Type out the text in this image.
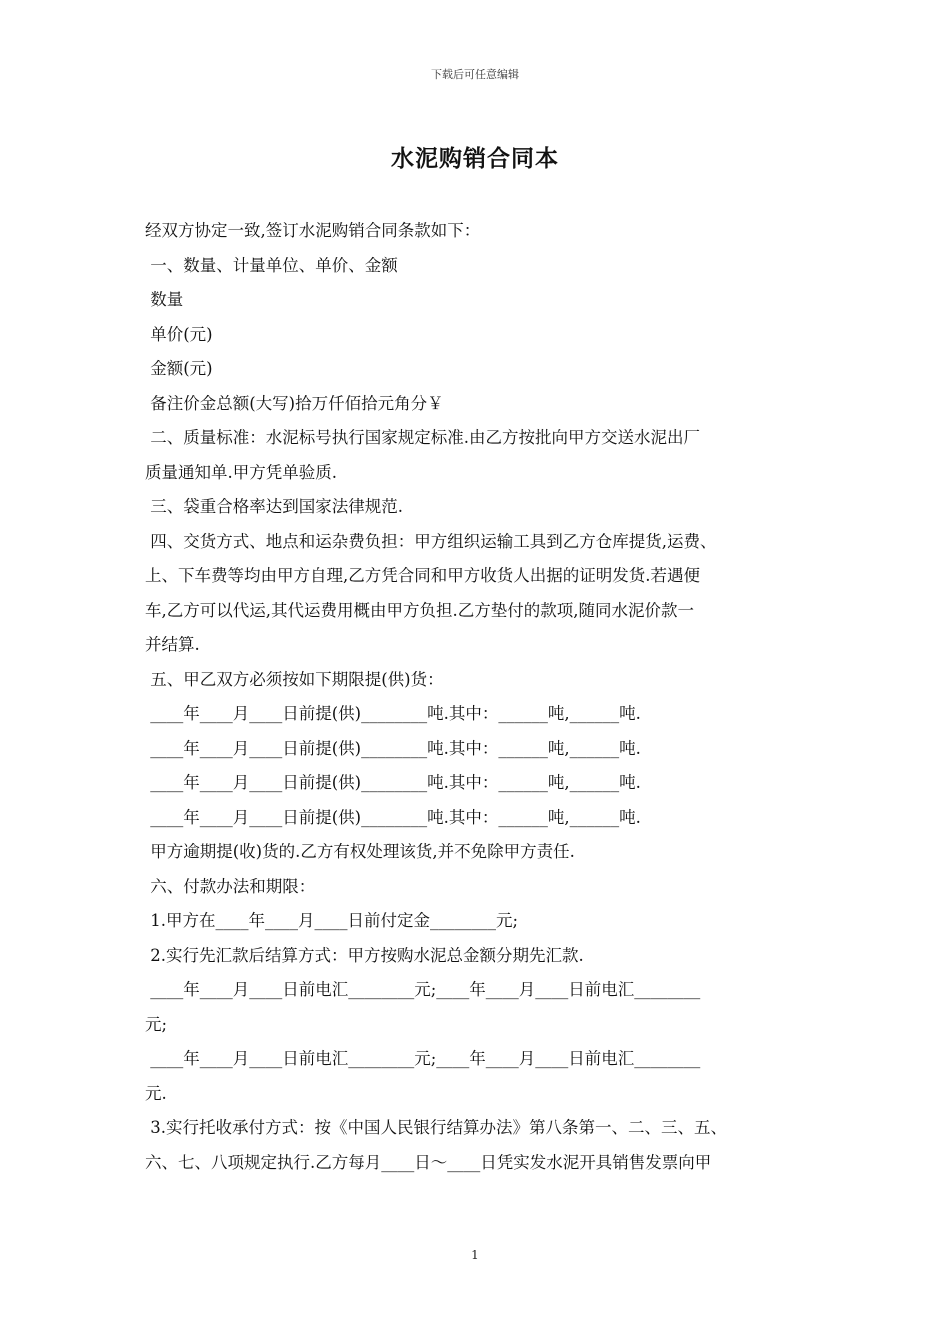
下载后可任意编辑
水泥购销合同本
经双方协定一致,签订水泥购销合同条款如下：
一、数量、计量单位、单价、金额
数量
单价(元)
金额(元)
备注价金总额(大写)拾万仟佰拾元角分￥
二、质量标准：水泥标号执行国家规定标准.由乙方按批向甲方交送水泥出厂
质量通知单.甲方凭单验质.
三、袋重合格率达到国家法律规范.
四、交货方式、地点和运杂费负担：甲方组织运输工具到乙方仓库提货,运费、
上、下车费等均由甲方自理,乙方凭合同和甲方收货人出据的证明发货.若遇便
车,乙方可以代运,其代运费用概由甲方负担.乙方垫付的款项,随同水泥价款一
并结算.
五、甲乙双方必须按如下期限提(供)货：
____年____月____日前提(供)________吨.其中：______吨,______吨.
____年____月____日前提(供)________吨.其中：______吨,______吨.
____年____月____日前提(供)________吨.其中：______吨,______吨.
____年____月____日前提(供)________吨.其中：______吨,______吨.
甲方逾期提(收)货的.乙方有权处理该货,并不免除甲方责任.
六、付款办法和期限：
1.甲方在____年____月____日前付定金________元;
2.实行先汇款后结算方式：甲方按购水泥总金额分期先汇款.
____年____月____日前电汇________元;____年____月____日前电汇________
元;
____年____月____日前电汇________元;____年____月____日前电汇________
元.
3.实行托收承付方式：按《中国人民银行结算办法》第八条第一、二、三、五、
六、七、八项规定执行.乙方每月____日～____日凭实发水泥开具销售发票向甲
1
